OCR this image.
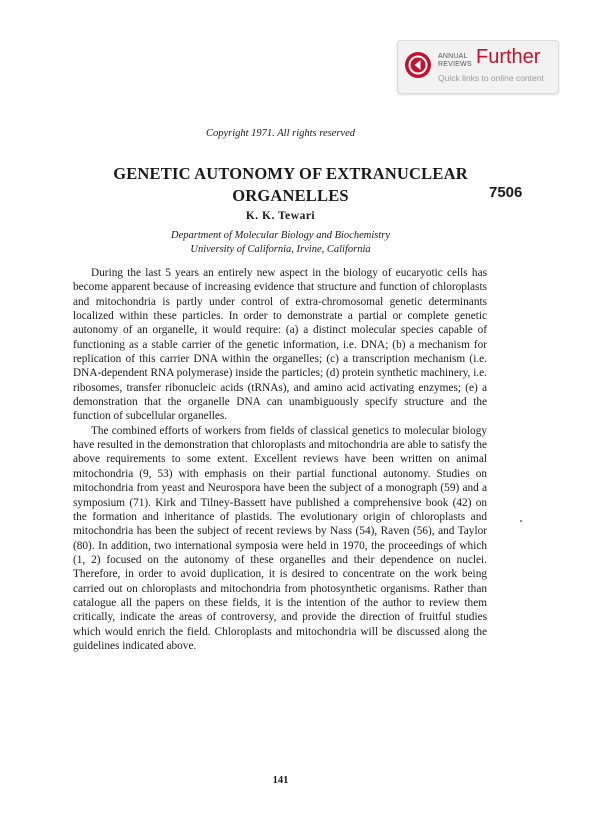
ANNUAL
REVIEWS Further
Quick links to online content
Copyright 1971. All rights reserved
GENETIC AUTONOMY OF EXTRANUCLEAR
ORGANELLES	7506
K. K. Tewari
Department of Molecular Biology and Biochemistry
University of California, Irvine, California

During the last 5 years an entirely new aspect in the biology of eucaryotic cells has become apparent because of increasing evidence that structure and function of chloroplasts and mitochondria is partly under control of extra-chromosomal genetic determinants localized within these particles. In order to demonstrate a partial or complete genetic autonomy of an organelle, it would require: (a) a distinct molecular species capable of functioning as a stable carrier of the genetic information, i.e. DNA; (b) a mechanism for replication of this carrier DNA within the organelles; (c) a transcription mechanism (i.e. DNA-dependent RNA polymerase) inside the particles; (d) protein synthetic machinery, i.e. ribosomes, transfer ribonucleic acids (tRNAs), and amino acid activating enzymes; (e) a demonstration that the organelle DNA can unambiguously specify structure and the function of subcellular organelles.

The combined efforts of workers from fields of classical genetics to molecular biology have resulted in the demonstration that chloroplasts and mitochondria are able to satisfy the above requirements to some extent. Excellent reviews have been written on animal mitochondria (9, 53) with emphasis on their partial functional autonomy. Studies on mitochondria from yeast and Neurospora have been the subject of a monograph (59) and a symposium (71). Kirk and Tilney-Bassett have published a comprehensive book (42) on the formation and inheritance of plastids. The evolutionary origin of chloroplasts and mitochondria has been the subject of recent reviews by Nass (54), Raven (56), and Taylor (80). In addition, two international symposia were held in 1970, the proceedings of which (1, 2) focused on the autonomy of these organelles and their dependence on nuclei. Therefore, in order to avoid duplication, it is desired to concentrate on the work being carried out on chloroplasts and mitochondria from photosynthetic organisms. Rather than catalogue all the papers on these fields, it is the intention of the author to review them critically, indicate the areas of controversy, and provide the direction of fruitful studies which would enrich the field. Chloroplasts and mitochondria will be discussed along the guidelines indicated above.

141
